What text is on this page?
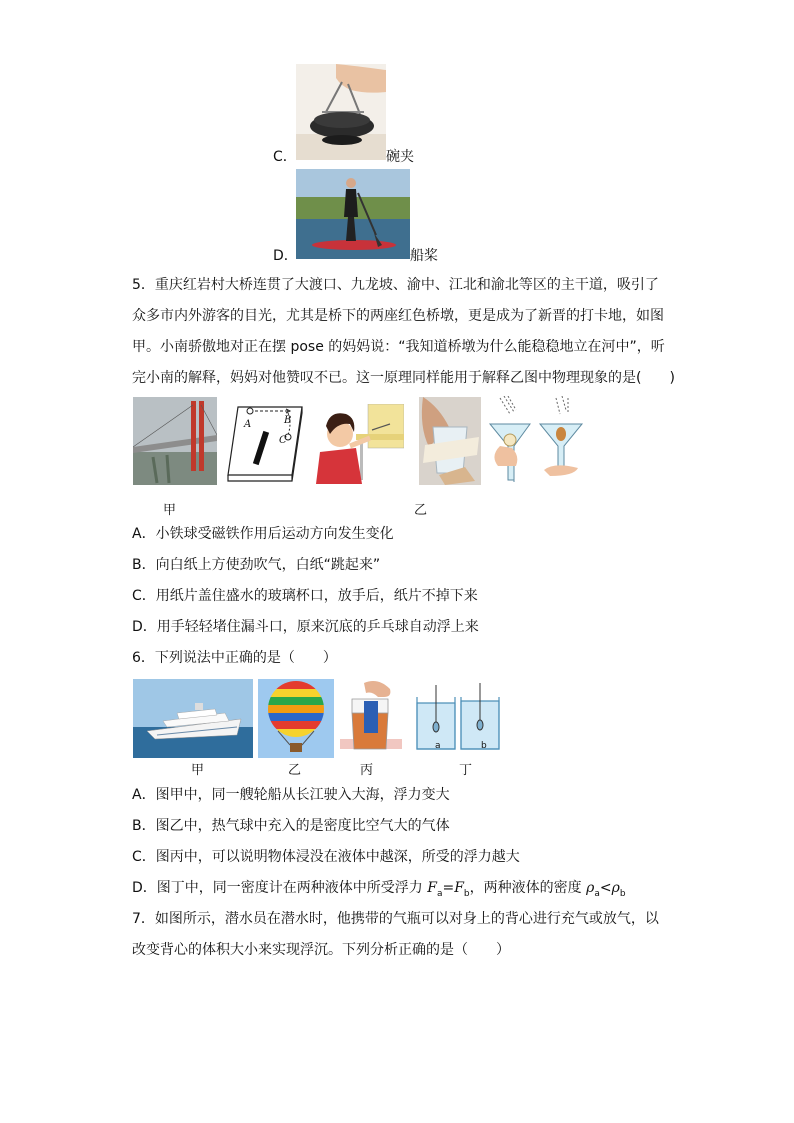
C．	碗夹
D．	船桨
5．重庆红岩村大桥连贯了大渡口、九龙坡、渝中、江北和渝北等区的主干道，吸引了
众多市内外游客的目光，尤其是桥下的两座红色桥墩，更是成为了新晋的打卡地，如图
甲。小南骄傲地对正在摆 pose 的妈妈说：“我知道桥墩为什么能稳稳地立在河中”，听
完小南的解释，妈妈对他赞叹不已。这一原理同样能用于解释乙图中物理现象的是(　　)
A	B
C
甲	乙
A．小铁球受磁铁作用后运动方向发生变化
B．向白纸上方使劲吹气，白纸“跳起来”
C．用纸片盖住盛水的玻璃杯口，放手后，纸片不掉下来
D．用手轻轻堵住漏斗口，原来沉底的乒乓球自动浮上来
6．下列说法中正确的是（　　）
a	b
甲	乙	丙	丁
A．图甲中，同一艘轮船从长江驶入大海，浮力变大
B．图乙中，热气球中充入的是密度比空气大的气体
C．图丙中，可以说明物体浸没在液体中越深，所受的浮力越大
D．图丁中，同一密度计在两种液体中所受浮力 $F_a=F_b$，两种液体的密度 $\rho_a<\rho_b$
7．如图所示，潜水员在潜水时，他携带的气瓶可以对身上的背心进行充气或放气，以
改变背心的体积大小来实现浮沉。下列分析正确的是（　　）
